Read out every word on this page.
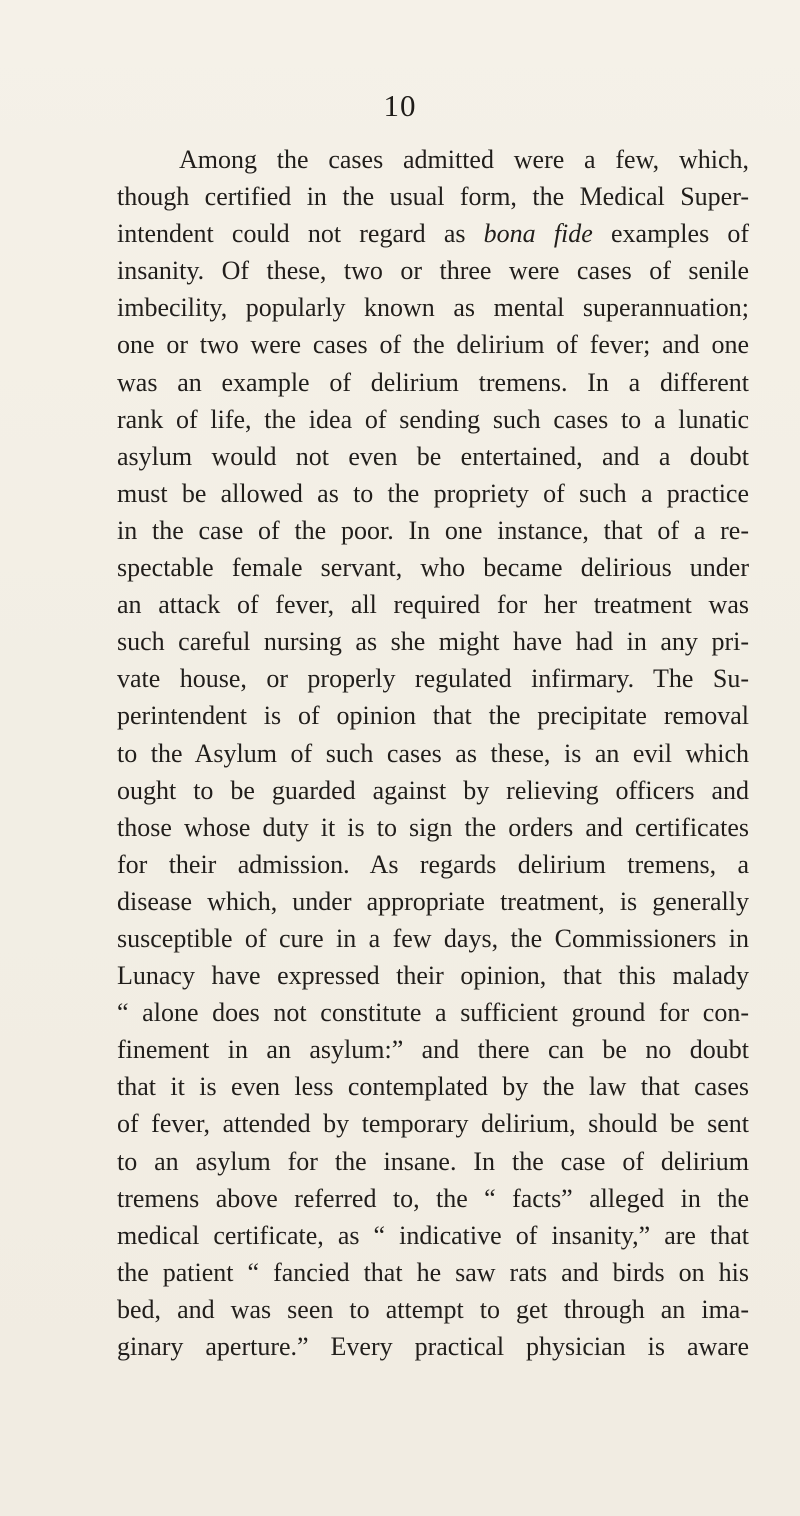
10
Among the cases admitted were a few, which,
though certified in the usual form, the Medical Super-
intendent could not regard as bona fide examples of
insanity. Of these, two or three were cases of senile
imbecility, popularly known as mental superannuation;
one or two were cases of the delirium of fever; and one
was an example of delirium tremens. In a different
rank of life, the idea of sending such cases to a lunatic
asylum would not even be entertained, and a doubt
must be allowed as to the propriety of such a practice
in the case of the poor. In one instance, that of a re-
spectable female servant, who became delirious under
an attack of fever, all required for her treatment was
such careful nursing as she might have had in any pri-
vate house, or properly regulated infirmary. The Su-
perintendent is of opinion that the precipitate removal
to the Asylum of such cases as these, is an evil which
ought to be guarded against by relieving officers and
those whose duty it is to sign the orders and certificates
for their admission. As regards delirium tremens, a
disease which, under appropriate treatment, is generally
susceptible of cure in a few days, the Commissioners in
Lunacy have expressed their opinion, that this malady
“ alone does not constitute a sufficient ground for con-
finement in an asylum:” and there can be no doubt
that it is even less contemplated by the law that cases
of fever, attended by temporary delirium, should be sent
to an asylum for the insane. In the case of delirium
tremens above referred to, the “ facts” alleged in the
medical certificate, as “ indicative of insanity,” are that
the patient “ fancied that he saw rats and birds on his
bed, and was seen to attempt to get through an ima-
ginary aperture.” Every practical physician is aware
